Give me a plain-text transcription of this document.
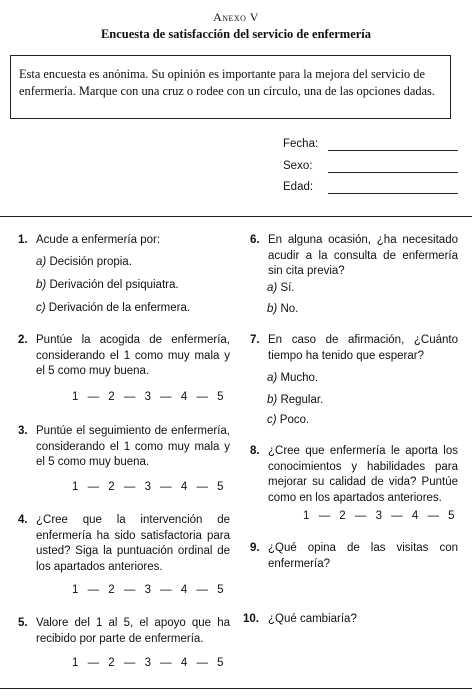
Anexo V
Encuesta de satisfacción del servicio de enfermería
Esta encuesta es anónima. Su opinión es importante para la mejora del servicio de enfermería. Marque con una cruz o rodee con un círculo, una de las opciones dadas.
Fecha:
Sexo:
Edad:
1. Acude a enfermería por:
a) Decisión propia.
b) Derivación del psiquiatra.
c) Derivación de la enfermera.
2. Puntúe la acogida de enfermería, considerando el 1 como muy mala y el 5 como muy buena.
1 — 2 — 3 — 4 — 5
3. Puntúe el seguimiento de enfermería, considerando el 1 como muy mala y el 5 como muy buena.
1 — 2 — 3 — 4 — 5
4. ¿Cree que la intervención de enfermería ha sido satisfactoria para usted? Siga la puntuación ordinal de los apartados anteriores.
1 — 2 — 3 — 4 — 5
5. Valore del 1 al 5, el apoyo que ha recibido por parte de enfermería.
1 — 2 — 3 — 4 — 5
6. En alguna ocasión, ¿ha necesitado acudir a la consulta de enfermería sin cita previa?
a) Sí.
b) No.
7. En caso de afirmación, ¿Cuánto tiempo ha tenido que esperar?
a) Mucho.
b) Regular.
c) Poco.
8. ¿Cree que enfermería le aporta los conocimientos y habilidades para mejorar su calidad de vida? Puntúe como en los apartados anteriores.
1 — 2 — 3 — 4 — 5
9. ¿Qué opina de las visitas con enfermería?
10. ¿Qué cambiaría?
